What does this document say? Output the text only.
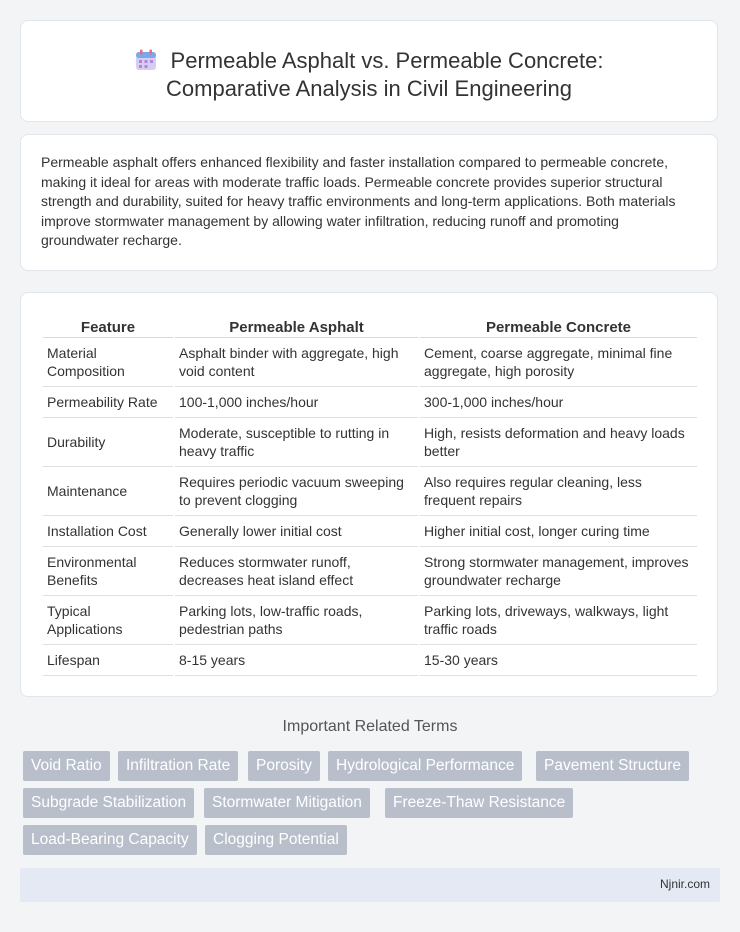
Permeable Asphalt vs. Permeable Concrete:
Comparative Analysis in Civil Engineering
Permeable asphalt offers enhanced flexibility and faster installation compared to permeable concrete, making it ideal for areas with moderate traffic loads. Permeable concrete provides superior structural strength and durability, suited for heavy traffic environments and long-term applications. Both materials improve stormwater management by allowing water infiltration, reducing runoff and promoting groundwater recharge.
Feature	Permeable Asphalt	Permeable Concrete
Material Composition	Asphalt binder with aggregate, high void content	Cement, coarse aggregate, minimal fine aggregate, high porosity
Permeability Rate	100-1,000 inches/hour	300-1,000 inches/hour
Durability	Moderate, susceptible to rutting in heavy traffic	High, resists deformation and heavy loads better
Maintenance	Requires periodic vacuum sweeping to prevent clogging	Also requires regular cleaning, less frequent repairs
Installation Cost	Generally lower initial cost	Higher initial cost, longer curing time
Environmental Benefits	Reduces stormwater runoff, decreases heat island effect	Strong stormwater management, improves groundwater recharge
Typical Applications	Parking lots, low-traffic roads, pedestrian paths	Parking lots, driveways, walkways, light traffic roads
Lifespan	8-15 years	15-30 years
Important Related Terms
Void Ratio	Infiltration Rate	Porosity	Hydrological Performance	Pavement Structure
Subgrade Stabilization	Stormwater Mitigation	Freeze-Thaw Resistance
Load-Bearing Capacity	Clogging Potential
Njnir.com
